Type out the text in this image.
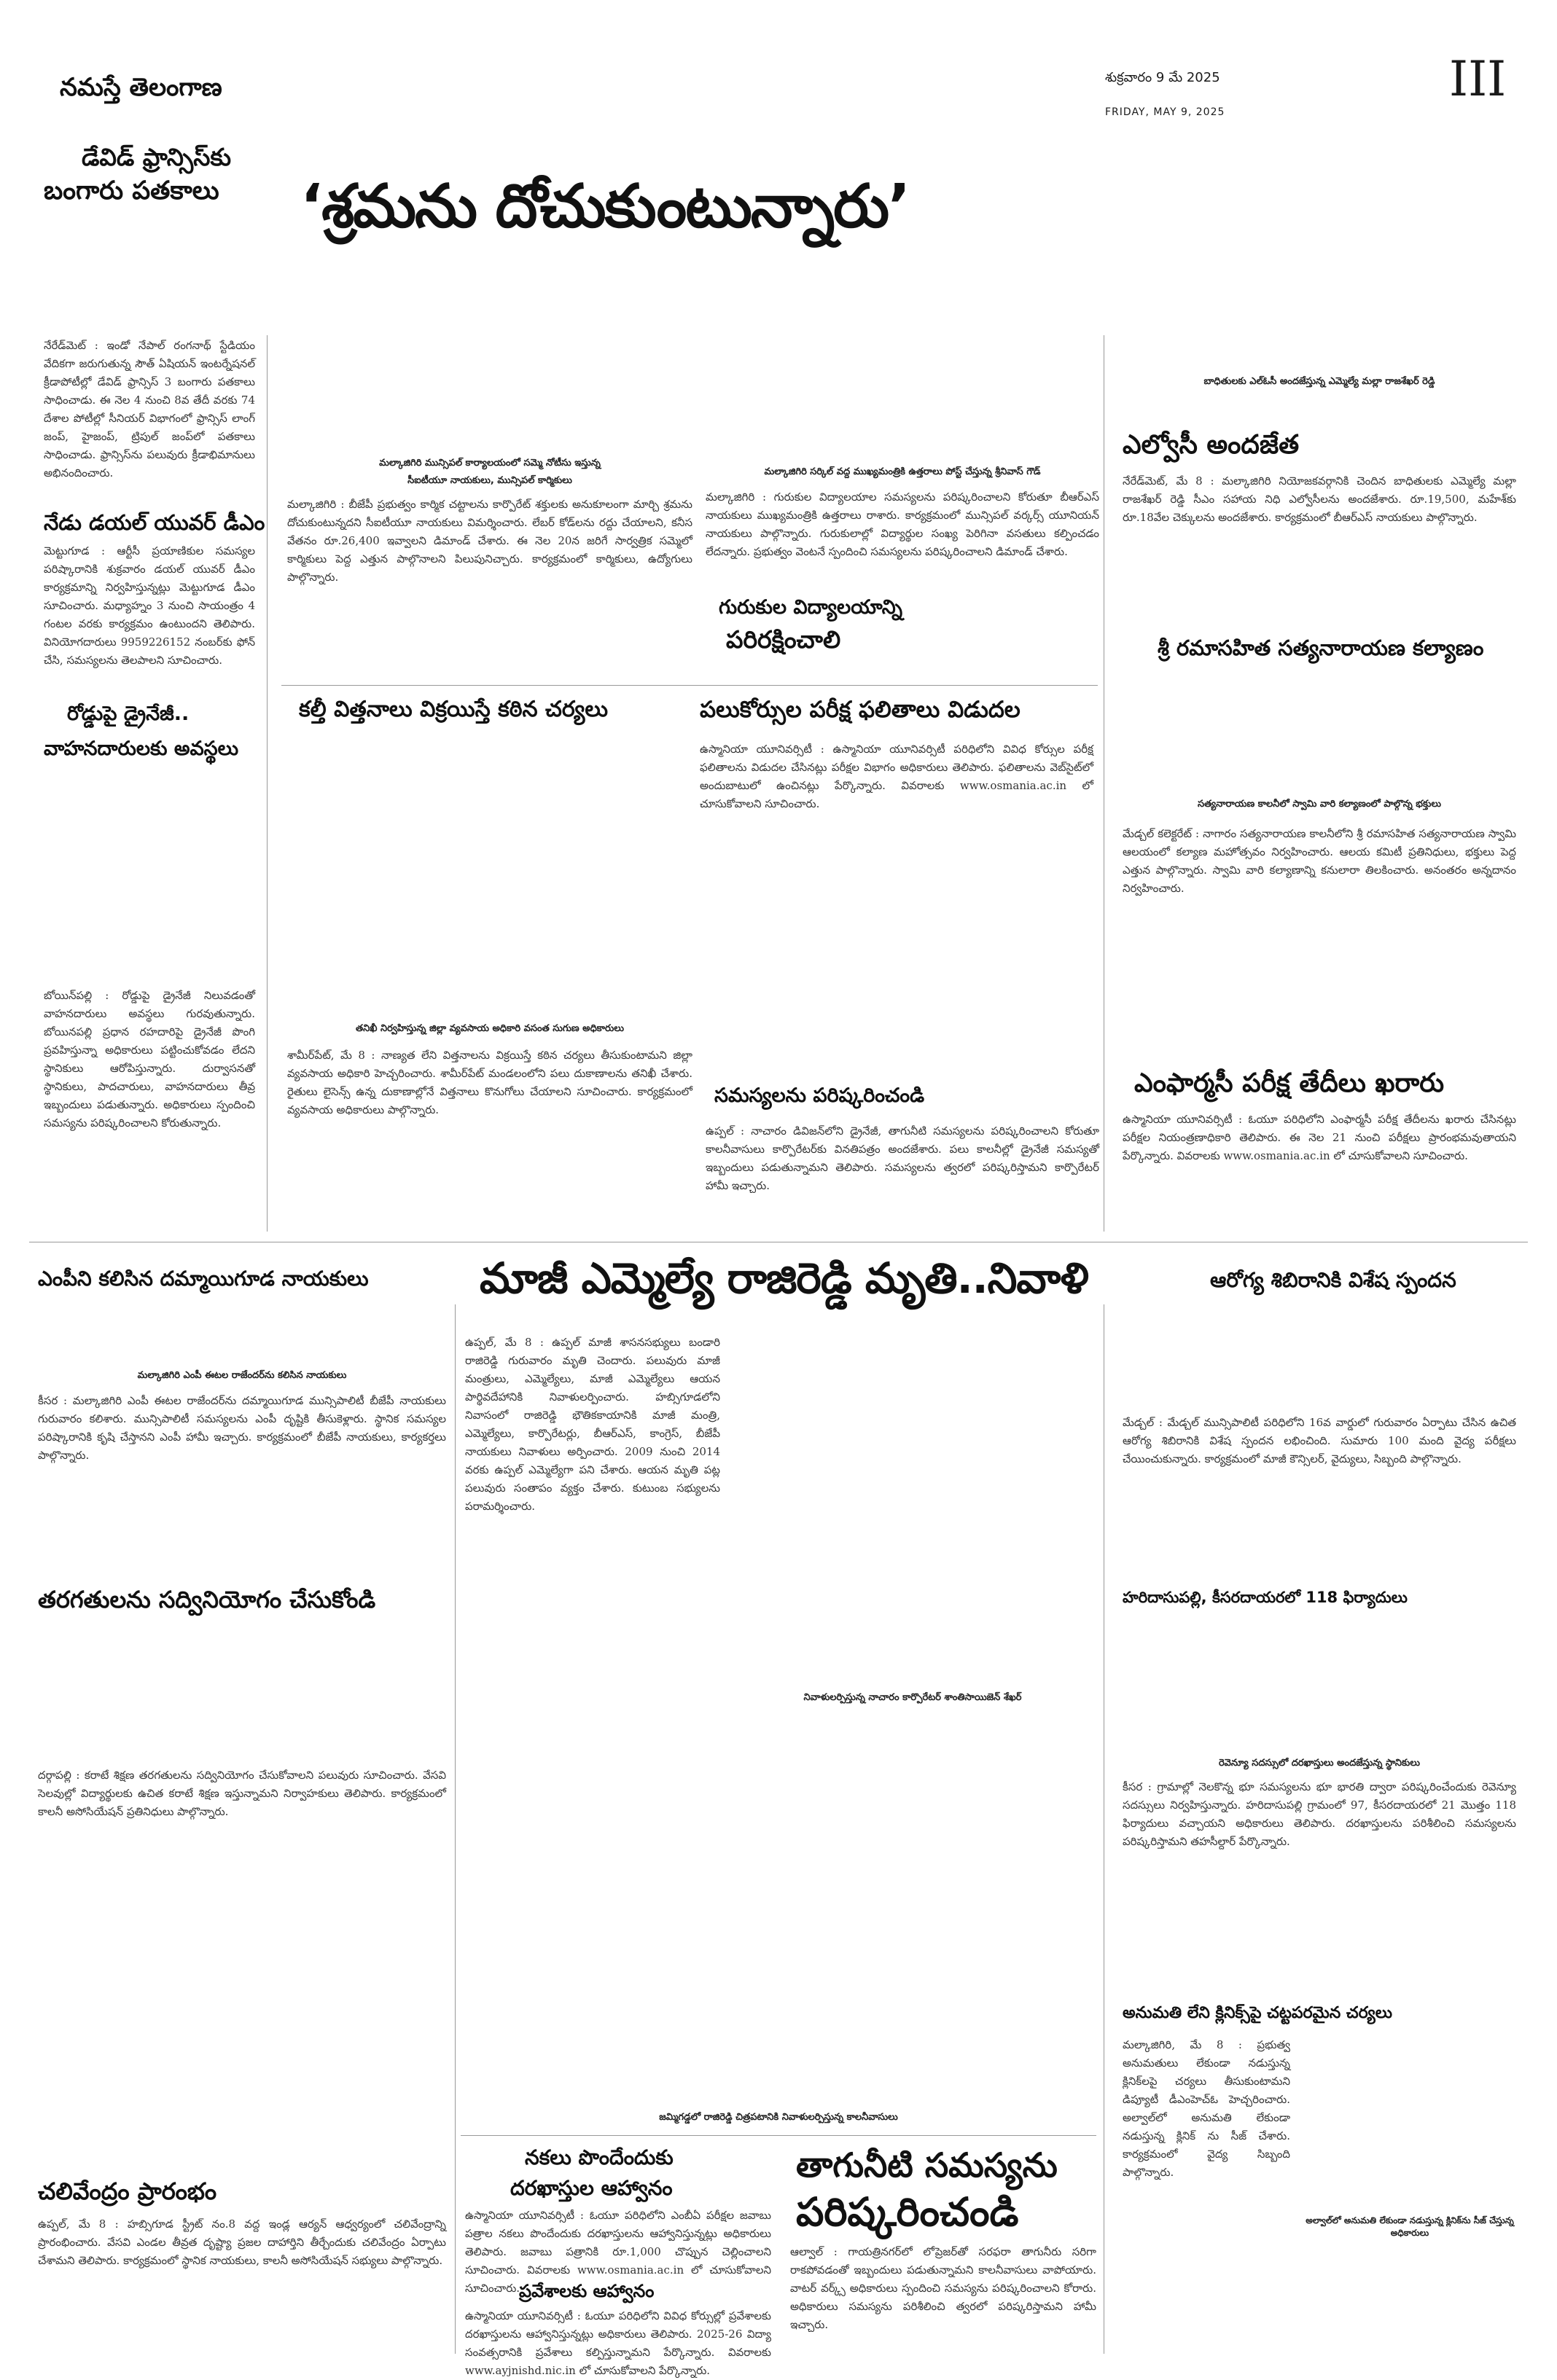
నమస్తే తెలంగాణ	శుక్రవారం 9 మే 2025
FRIDAY, MAY 9, 2025
III
డేవిడ్ ఫ్రాన్సిస్‌కు
బంగారు పతకాలు ‘శ్రమను దోచుకుంటున్నారు’
నేరేడ్‌మెట్ : ఇండో నేపాల్ రంగనాథ్ స్టేడియం వేదికగా జరుగుతున్న సౌత్ ఏషియన్ ఇంటర్నేషనల్ క్రీడాపోటీల్లో డేవిడ్ ఫ్రాన్సిస్ 3 బంగారు పతకాలు సాధించాడు. ఈ నెల 4 నుంచి 8వ తేదీ వరకు 74 దేశాల పోటీల్లో సీనియర్ విభాగంలో ఫ్రాన్సిస్ లాంగ్ జంప్, హైజంప్, ట్రిపుల్ జంప్‌లో పతకాలు సాధించాడు. ఫ్రాన్సిస్‌ను పలువురు క్రీడాభిమానులు అభినందించారు.
నేడు డయల్ యువర్ డీఎం
మెట్టుగూడ : ఆర్టీసీ ప్రయాణికుల సమస్యల పరిష్కారానికి శుక్రవారం డయల్ యువర్ డీఎం కార్యక్రమాన్ని నిర్వహిస్తున్నట్లు మెట్టుగూడ డీఎం సూచించారు. మధ్యాహ్నం 3 నుంచి సాయంత్రం 4 గంటల వరకు కార్యక్రమం ఉంటుందని తెలిపారు. వినియోగదారులు 9959226152 నంబర్‌కు ఫోన్ చేసి, సమస్యలను తెలపాలని సూచించారు.
రోడ్డుపై డ్రైనేజీ..
వాహనదారులకు అవస్థలు
బోయిన్‌పల్లి : రోడ్డుపై డ్రైనేజీ నిలువడంతో వాహనదారులు అవస్థలు గురవుతున్నారు. బోయినపల్లి ప్రధాన రహదారిపై డ్రైనేజీ పొంగి ప్రవహిస్తున్నా అధికారులు పట్టించుకోవడం లేదని స్థానికులు ఆరోపిస్తున్నారు. దుర్వాసనతో స్థానికులు, పాదచారులు, వాహనదారులు తీవ్ర ఇబ్బందులు పడుతున్నారు. అధికారులు స్పందించి సమస్యను పరిష్కరించాలని కోరుతున్నారు.
మల్కాజిగిరి మున్సిపల్ కార్యాలయంలో సమ్మె నోటీసు ఇస్తున్న
సీఐటీయూ నాయకులు, మున్సిపల్ కార్మికులు
మల్కాజిగిరి : బీజేపీ ప్రభుత్వం కార్మిక చట్టాలను కార్పొరేట్ శక్తులకు అనుకూలంగా మార్చి శ్రమను దోచుకుంటున్నదని సీఐటీయూ నాయకులు విమర్శించారు. లేబర్ కోడ్‌లను రద్దు చేయాలని, కనీస వేతనం రూ.26,400 ఇవ్వాలని డిమాండ్ చేశారు. ఈ నెల 20న జరిగే సార్వత్రిక సమ్మెలో కార్మికులు పెద్ద ఎత్తున పాల్గొనాలని పిలుపునిచ్చారు. కార్యక్రమంలో కార్మికులు, ఉద్యోగులు పాల్గొన్నారు.
మల్కాజిగిరి సర్కిల్ వద్ద ముఖ్యమంత్రికి ఉత్తరాలు పోస్ట్ చేస్తున్న శ్రీనివాస్ గౌడ్
మల్కాజిగిరి : గురుకుల విద్యాలయాల సమస్యలను పరిష్కరించాలని కోరుతూ బీఆర్ఎస్ నాయకులు ముఖ్యమంత్రికి ఉత్తరాలు రాశారు. కార్యక్రమంలో మున్సిపల్ వర్కర్స్ యూనియన్ నాయకులు పాల్గొన్నారు. గురుకులాల్లో విద్యార్థుల సంఖ్య పెరిగినా వసతులు కల్పించడం లేదన్నారు. ప్రభుత్వం వెంటనే స్పందించి సమస్యలను పరిష్కరించాలని డిమాండ్ చేశారు.
గురుకుల విద్యాలయాన్ని
పరిరక్షించాలి
కల్తీ విత్తనాలు విక్రయిస్తే కఠిన చర్యలు	పలుకోర్సుల పరీక్ష ఫలితాలు విడుదల
ఉస్మానియా యూనివర్సిటీ : ఉస్మానియా యూనివర్సిటీ పరిధిలోని వివిధ కోర్సుల పరీక్ష ఫలితాలను విడుదల చేసినట్లు పరీక్షల విభాగం అధికారులు తెలిపారు. ఫలితాలను వెబ్‌సైట్‌లో అందుబాటులో ఉంచినట్లు పేర్కొన్నారు. వివరాలకు www.osmania.ac.in లో చూసుకోవాలని సూచించారు.
తనిఖీ నిర్వహిస్తున్న జిల్లా వ్యవసాయ అధికారి వసంత సుగుణ అధికారులు
శామీర్‌పేట్, మే 8 : నాణ్యత లేని విత్తనాలను విక్రయిస్తే కఠిన చర్యలు తీసుకుంటామని జిల్లా వ్యవసాయ అధికారి హెచ్చరించారు. శామీర్‌పేట్ మండలంలోని పలు దుకాణాలను తనిఖీ చేశారు. రైతులు లైసెన్స్ ఉన్న దుకాణాల్లోనే విత్తనాలు కొనుగోలు చేయాలని సూచించారు. కార్యక్రమంలో వ్యవసాయ అధికారులు పాల్గొన్నారు.
సమస్యలను పరిష్కరించండి
ఉప్పల్ : నాచారం డివిజన్‌లోని డ్రైనేజీ, తాగునీటి సమస్యలను పరిష్కరించాలని కోరుతూ కాలనీవాసులు కార్పొరేటర్‌కు వినతిపత్రం అందజేశారు. పలు కాలనీల్లో డ్రైనేజీ సమస్యతో ఇబ్బందులు పడుతున్నామని తెలిపారు. సమస్యలను త్వరలో పరిష్కరిస్తామని కార్పొరేటర్ హామీ ఇచ్చారు.
బాధితులకు ఎల్‌ఓసీ అందజేస్తున్న ఎమ్మెల్యే మల్లా రాజశేఖర్ రెడ్డి
ఎల్వోసీ అందజేత
నేరేడ్‌మెట్, మే 8 : మల్కాజిగిరి నియోజకవర్గానికి చెందిన బాధితులకు ఎమ్మెల్యే మల్లా రాజశేఖర్ రెడ్డి సీఎం సహాయ నిధి ఎల్వోసీలను అందజేశారు. రూ.19,500, మహేశ్‌కు రూ.18వేల చెక్కులను అందజేశారు. కార్యక్రమంలో బీఆర్ఎస్ నాయకులు పాల్గొన్నారు.
శ్రీ రమాసహిత సత్యనారాయణ కల్యాణం
సత్యనారాయణ కాలనీలో స్వామి వారి కల్యాణంలో పాల్గొన్న భక్తులు
మేడ్చల్ కలెక్టరేట్ : నాగారం సత్యనారాయణ కాలనీలోని శ్రీ రమాసహిత సత్యనారాయణ స్వామి ఆలయంలో కల్యాణ మహోత్సవం నిర్వహించారు. ఆలయ కమిటీ ప్రతినిధులు, భక్తులు పెద్ద ఎత్తున పాల్గొన్నారు. స్వామి వారి కల్యాణాన్ని కనులారా తిలకించారు. అనంతరం అన్నదానం నిర్వహించారు.
ఎంఫార్మసీ పరీక్ష తేదీలు ఖరారు
ఉస్మానియా యూనివర్సిటీ : ఓయూ పరిధిలోని ఎంఫార్మసీ పరీక్ష తేదీలను ఖరారు చేసినట్లు పరీక్షల నియంత్రణాధికారి తెలిపారు. ఈ నెల 21 నుంచి పరీక్షలు ప్రారంభమవుతాయని పేర్కొన్నారు. వివరాలకు www.osmania.ac.in లో చూసుకోవాలని సూచించారు.
ఎంపీని కలిసిన దమ్మాయిగూడ నాయకులు	మాజీ ఎమ్మెల్యే రాజిరెడ్డి మృతి..నివాళి	ఆరోగ్య శిబిరానికి విశేష స్పందన
మల్కాజిగిరి ఎంపీ ఈటల రాజేందర్‌ను కలిసిన నాయకులు
కీసర : మల్కాజిగిరి ఎంపీ ఈటల రాజేందర్‌ను దమ్మాయిగూడ మున్సిపాలిటీ బీజేపీ నాయకులు గురువారం కలిశారు. మున్సిపాలిటీ సమస్యలను ఎంపీ దృష్టికి తీసుకెళ్లారు. స్థానిక సమస్యల పరిష్కారానికి కృషి చేస్తానని ఎంపీ హామీ ఇచ్చారు. కార్యక్రమంలో బీజేపీ నాయకులు, కార్యకర్తలు పాల్గొన్నారు.
తరగతులను సద్వినియోగం చేసుకోండి
దర్గాపల్లి : కరాటే శిక్షణ తరగతులను సద్వినియోగం చేసుకోవాలని పలువురు సూచించారు. వేసవి సెలవుల్లో విద్యార్థులకు ఉచిత కరాటే శిక్షణ ఇస్తున్నామని నిర్వాహకులు తెలిపారు. కార్యక్రమంలో కాలనీ అసోసియేషన్ ప్రతినిధులు పాల్గొన్నారు.
చలివేంద్రం ప్రారంభం
ఉప్పల్, మే 8 : హబ్సిగూడ స్ట్రీట్ నం.8 వద్ద ఇండ్ల ఆర్యన్ ఆధ్వర్యంలో చలివేంద్రాన్ని ప్రారంభించారు. వేసవి ఎండల తీవ్రత దృష్ట్యా ప్రజల దాహార్తిని తీర్చేందుకు చలివేంద్రం ఏర్పాటు చేశామని తెలిపారు. కార్యక్రమంలో స్థానిక నాయకులు, కాలనీ అసోసియేషన్ సభ్యులు పాల్గొన్నారు.
ఉప్పల్, మే 8 : ఉప్పల్ మాజీ శాసనసభ్యులు బండారి రాజిరెడ్డి గురువారం మృతి చెందారు. పలువురు మాజీ మంత్రులు, ఎమ్మెల్యేలు, మాజీ ఎమ్మెల్యేలు ఆయన పార్థివదేహానికి నివాళులర్పించారు. హబ్సిగూడలోని నివాసంలో రాజిరెడ్డి భౌతికకాయానికి మాజీ మంత్రి, ఎమ్మెల్యేలు, కార్పొరేటర్లు, బీఆర్ఎస్, కాంగ్రెస్, బీజేపీ నాయకులు నివాళులు అర్పించారు. 2009 నుంచి 2014 వరకు ఉప్పల్ ఎమ్మెల్యేగా పని చేశారు. ఆయన మృతి పట్ల పలువురు సంతాపం వ్యక్తం చేశారు. కుటుంబ సభ్యులను పరామర్శించారు.
నివాళులర్పిస్తున్న నాచారం కార్పొరేటర్ శాంతిసాయిజెన్ శేఖర్
జమ్మిగడ్డలో రాజిరెడ్డి చిత్రపటానికి నివాళులర్పిస్తున్న కాలనీవాసులు
నకలు పొందేందుకు
దరఖాస్తుల ఆహ్వానం
ఉస్మానియా యూనివర్సిటీ : ఓయూ పరిధిలోని ఎంబీఏ పరీక్షల జవాబు పత్రాల నకలు పొందేందుకు దరఖాస్తులను ఆహ్వానిస్తున్నట్లు అధికారులు తెలిపారు. జవాబు పత్రానికి రూ.1,000 చొప్పున చెల్లించాలని సూచించారు. వివరాలకు www.osmania.ac.in లో చూసుకోవాలని సూచించారు.
ప్రవేశాలకు ఆహ్వానం
ఉస్మానియా యూనివర్సిటీ : ఓయూ పరిధిలోని వివిధ కోర్సుల్లో ప్రవేశాలకు దరఖాస్తులను ఆహ్వానిస్తున్నట్లు అధికారులు తెలిపారు. 2025-26 విద్యా సంవత్సరానికి ప్రవేశాలు కల్పిస్తున్నామని పేర్కొన్నారు. వివరాలకు www.ayjnishd.nic.in లో చూసుకోవాలని పేర్కొన్నారు.
తాగునీటి సమస్యను
పరిష్కరించండి
ఆల్వాల్ : గాయత్రినగర్‌లో లోప్రెజర్‌తో సరఫరా తాగునీరు సరిగా రాకపోవడంతో ఇబ్బందులు పడుతున్నామని కాలనీవాసులు వాపోయారు. వాటర్ వర్క్స్ అధికారులు స్పందించి సమస్యను పరిష్కరించాలని కోరారు. అధికారులు సమస్యను పరిశీలించి త్వరలో పరిష్కరిస్తామని హామీ ఇచ్చారు.
మేడ్చల్ : మేడ్చల్ మున్సిపాలిటీ పరిధిలోని 16వ వార్డులో గురువారం ఏర్పాటు చేసిన ఉచిత ఆరోగ్య శిబిరానికి విశేష స్పందన లభించింది. సుమారు 100 మంది వైద్య పరీక్షలు చేయించుకున్నారు. కార్యక్రమంలో మాజీ కౌన్సిలర్, వైద్యులు, సిబ్బంది పాల్గొన్నారు.
హరిదాసుపల్లి, కీసరదాయరలో 118 ఫిర్యాదులు
రెవెన్యూ సదస్సులో దరఖాస్తులు అందజేస్తున్న స్థానికులు
కీసర : గ్రామాల్లో నెలకొన్న భూ సమస్యలను భూ భారతి ద్వారా పరిష్కరించేందుకు రెవెన్యూ సదస్సులు నిర్వహిస్తున్నారు. హరిదాసుపల్లి గ్రామంలో 97, కీసరదాయరలో 21 మొత్తం 118 ఫిర్యాదులు వచ్చాయని అధికారులు తెలిపారు. దరఖాస్తులను పరిశీలించి సమస్యలను పరిష్కరిస్తామని తహసీల్దార్ పేర్కొన్నారు.
అనుమతి లేని క్లినిక్స్‌పై చట్టపరమైన చర్యలు
మల్కాజిగిరి, మే 8 : ప్రభుత్వ అనుమతులు లేకుండా నడుస్తున్న క్లినిక్‌లపై చర్యలు తీసుకుంటామని డిప్యూటీ డీఎంహెచ్‌ఓ హెచ్చరించారు. అల్వాల్‌లో అనుమతి లేకుండా నడుస్తున్న క్లినిక్ ను సీజ్ చేశారు. కార్యక్రమంలో వైద్య సిబ్బంది పాల్గొన్నారు.
అల్వాల్‌లో అనుమతి లేకుండా నడుస్తున్న క్లినిక్‌ను సీజ్ చేస్తున్న అధికారులు
